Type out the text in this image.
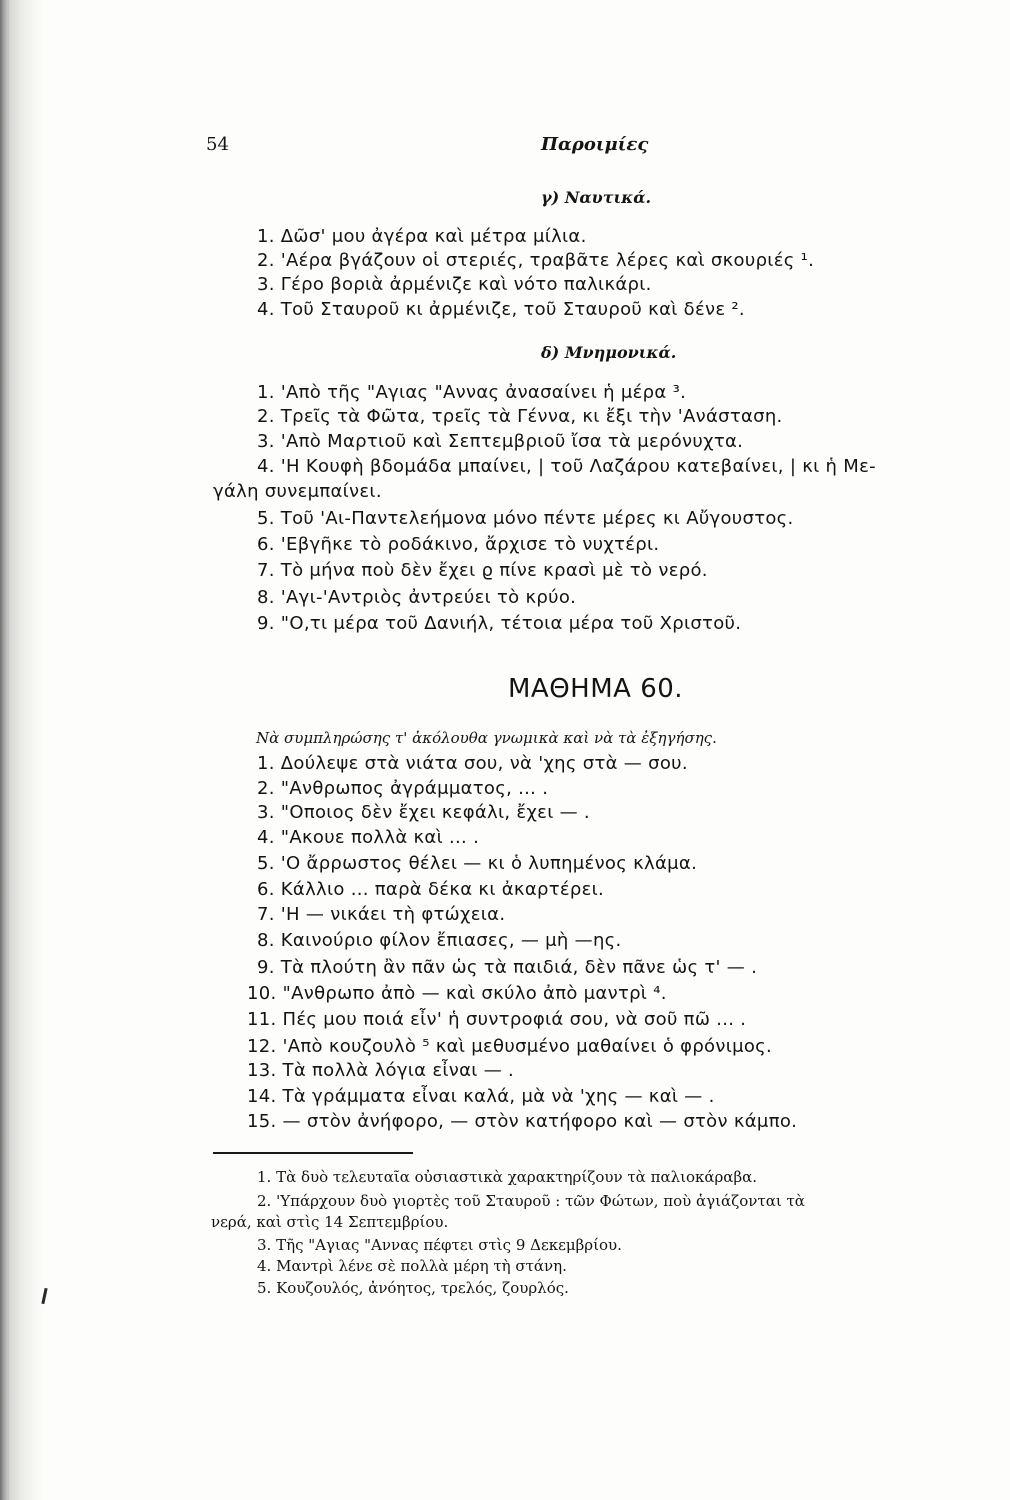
54	Παροιμίες
γ) Ναυτικά.
1. Δῶσ' μου ἀγέρα καὶ μέτρα μίλια.
2. 'Αέρα βγάζουν οἱ στεριές, τραβᾶτε λέρες καὶ σκουριές ¹.
3. Γέρο βοριὰ ἀρμένιζε καὶ νότο παλικάρι.
4. Τοῦ Σταυροῦ κι ἀρμένιζε, τοῦ Σταυροῦ καὶ δένε ².
δ) Μνημονικά.
1. 'Απὸ τῆς "Αγιας "Αννας ἀνασαίνει ἡ μέρα ³.
2. Τρεῖς τὰ Φῶτα, τρεῖς τὰ Γέννα, κι ἔξι τὴν 'Ανάσταση.
3. 'Απὸ Μαρτιοῦ καὶ Σεπτεμβριοῦ ἴσα τὰ μερόνυχτα.
4. 'Η Κουφὴ βδομάδα μπαίνει, | τοῦ Λαζάρου κατεβαίνει, | κι ἡ Με-
γάλη συνεμπαίνει.
5. Τοῦ 'Αι-Παντελεήμονα μόνο πέντε μέρες κι Αὔγουστος.
6. 'Εβγῆκε τὸ ροδάκινο, ἄρχισε τὸ νυχτέρι.
7. Τὸ μήνα ποὺ δὲν ἔχει ϱ πίνε κρασὶ μὲ τὸ νερό.
8. 'Αγι-'Αντριὸς ἀντρεύει τὸ κρύο.
9. "Ο,τι μέρα τοῦ Δανιήλ, τέτοια μέρα τοῦ Χριστοῦ.
ΜΑΘΗΜΑ 60.
Νὰ συμπληρώσης τ' ἀκόλουθα γνωμικὰ καὶ νὰ τὰ ἐξηγήσης.
1. Δούλεψε στὰ νιάτα σου, νὰ 'χης στὰ — σου.
2. "Ανθρωπος ἀγράμματος, ... .
3. "Οποιος δὲν ἔχει κεφάλι, ἔχει — .
4. "Ακουε πολλὰ καὶ ... .
5. 'Ο ἄρρωστος θέλει — κι ὁ λυπημένος κλάμα.
6. Κάλλιο ... παρὰ δέκα κι ἀκαρτέρει.
7. 'Η — νικάει τὴ φτώχεια.
8. Καινούριο φίλον ἔπιασες, — μὴ —ης.
9. Τὰ πλούτη ἂν πᾶν ὡς τὰ παιδιά, δὲν πᾶνε ὡς τ' — .
10. "Ανθρωπο ἀπὸ — καὶ σκύλο ἀπὸ μαντρὶ ⁴.
11. Πές μου ποιά εἶν' ἡ συντροφιά σου, νὰ σοῦ πῶ ... .
12. 'Απὸ κουζουλὸ ⁵ καὶ μεθυσμένο μαθαίνει ὁ φρόνιμος.
13. Τὰ πολλὰ λόγια εἶναι — .
14. Τὰ γράμματα εἶναι καλά, μὰ νὰ 'χης — καὶ — .
15. — στὸν ἀνήφορο, — στὸν κατήφορο καὶ — στὸν κάμπο.
1. Τὰ δυὸ τελευταῖα οὐσιαστικὰ χαρακτηρίζουν τὰ παλιοκάραβα.
2. 'Υπάρχουν δυὸ γιορτὲς τοῦ Σταυροῦ : τῶν Φώτων, ποὺ ἁγιάζονται τὰ
νερά, καὶ στὶς 14 Σεπτεμβρίου.
3. Τῆς "Αγιας "Αννας πέφτει στὶς 9 Δεκεμβρίου.
4. Μαντρὶ λένε σὲ πολλὰ μέρη τὴ στάνη.
5. Κουζουλός, ἀνόητος, τρελός, ζουρλός.
